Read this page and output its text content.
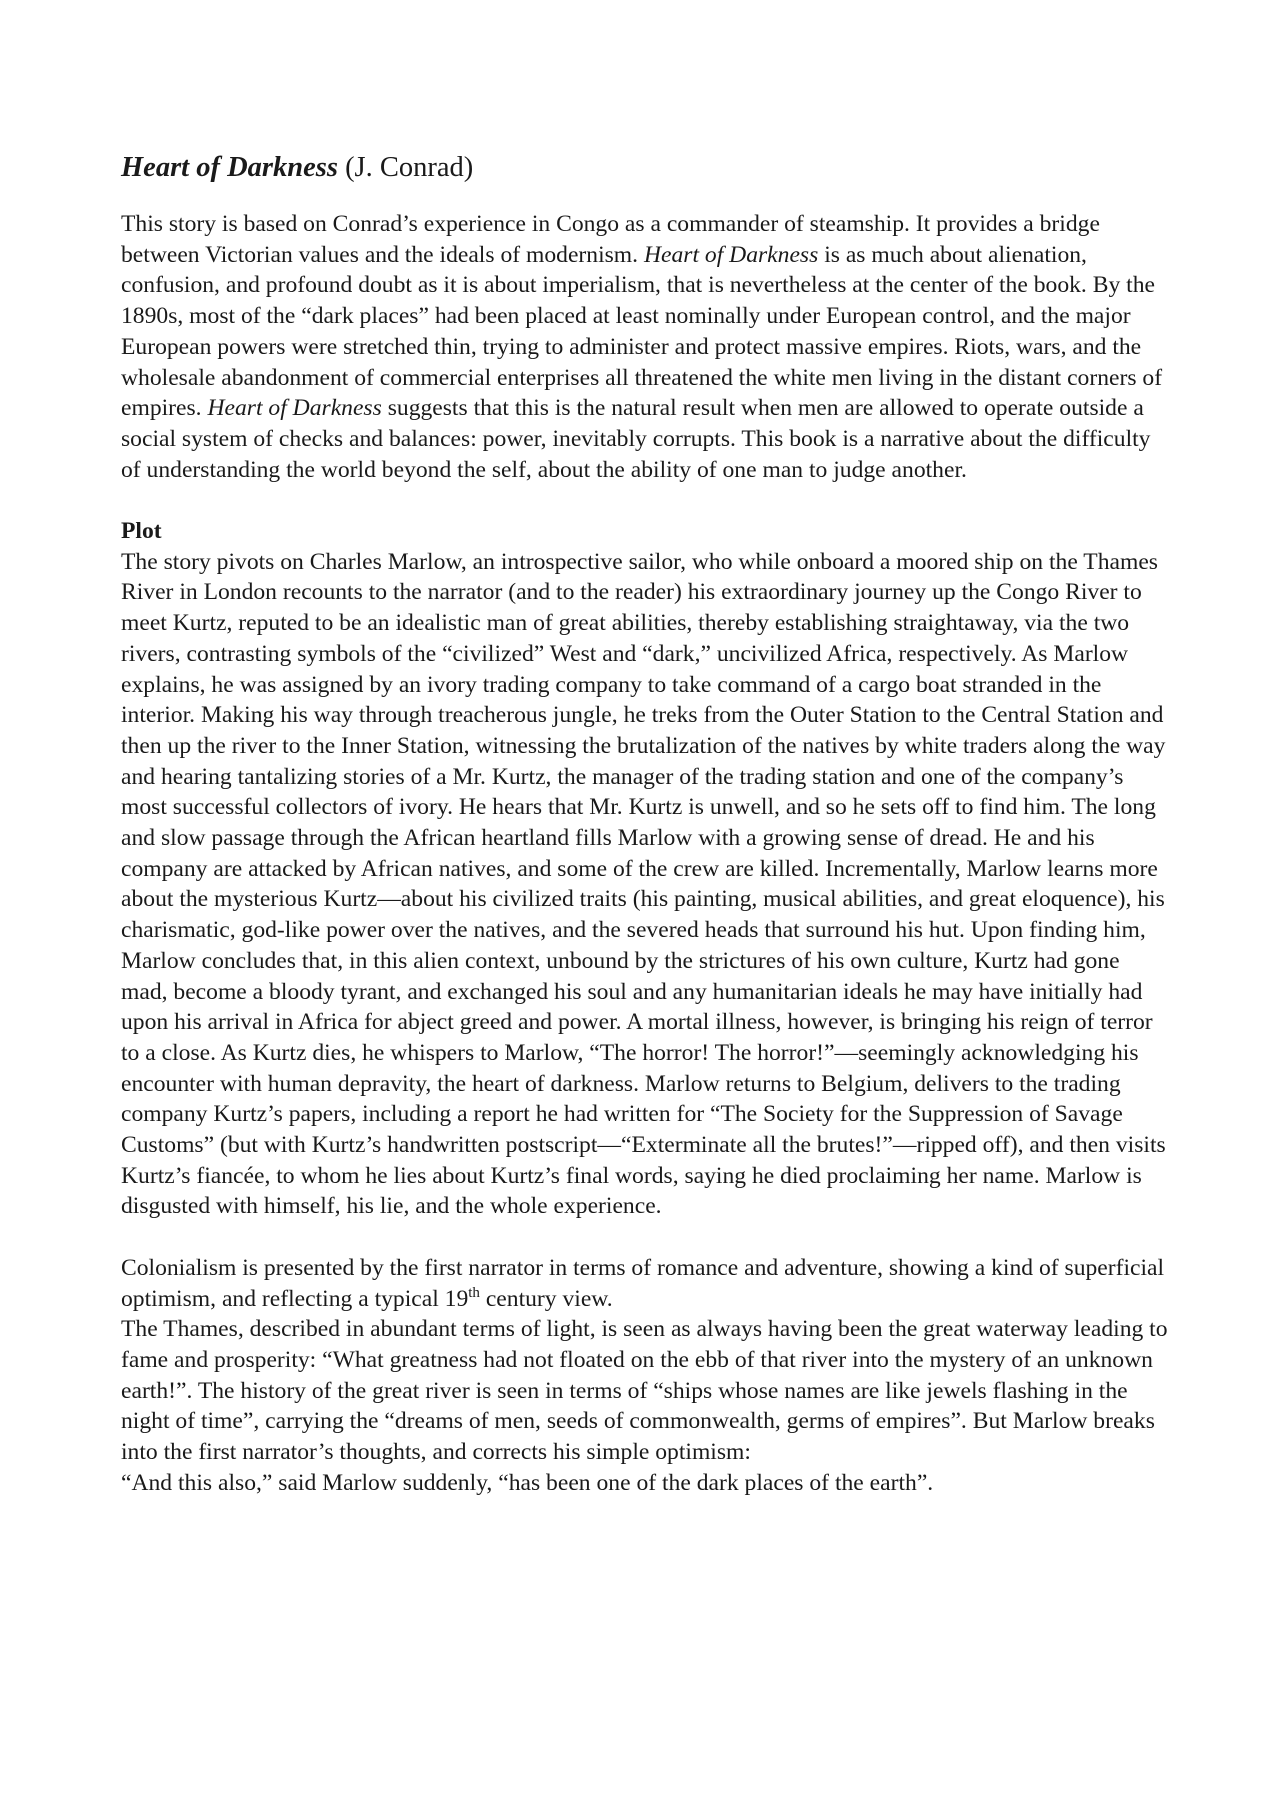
Heart of Darkness (J. Conrad)

This story is based on Conrad’s experience in Congo as a commander of steamship. It provides a bridge between Victorian values and the ideals of modernism. Heart of Darkness is as much about alienation, confusion, and profound doubt as it is about imperialism, that is nevertheless at the center of the book. By the 1890s, most of the “dark places” had been placed at least nominally under European control, and the major European powers were stretched thin, trying to administer and protect massive empires. Riots, wars, and the wholesale abandonment of commercial enterprises all threatened the white men living in the distant corners of empires. Heart of Darkness suggests that this is the natural result when men are allowed to operate outside a social system of checks and balances: power, inevitably corrupts. This book is a narrative about the difficulty of understanding the world beyond the self, about the ability of one man to judge another.

Plot

The story pivots on Charles Marlow, an introspective sailor, who while onboard a moored ship on the Thames River in London recounts to the narrator (and to the reader) his extraordinary journey up the Congo River to meet Kurtz, reputed to be an idealistic man of great abilities, thereby establishing straightaway, via the two rivers, contrasting symbols of the “civilized” West and “dark,” uncivilized Africa, respectively. As Marlow explains, he was assigned by an ivory trading company to take command of a cargo boat stranded in the interior. Making his way through treacherous jungle, he treks from the Outer Station to the Central Station and then up the river to the Inner Station, witnessing the brutalization of the natives by white traders along the way and hearing tantalizing stories of a Mr. Kurtz, the manager of the trading station and one of the company’s most successful collectors of ivory. He hears that Mr. Kurtz is unwell, and so he sets off to find him. The long and slow passage through the African heartland fills Marlow with a growing sense of dread. He and his company are attacked by African natives, and some of the crew are killed. Incrementally, Marlow learns more about the mysterious Kurtz—about his civilized traits (his painting, musical abilities, and great eloquence), his charismatic, god-like power over the natives, and the severed heads that surround his hut. Upon finding him, Marlow concludes that, in this alien context, unbound by the strictures of his own culture, Kurtz had gone mad, become a bloody tyrant, and exchanged his soul and any humanitarian ideals he may have initially had upon his arrival in Africa for abject greed and power. A mortal illness, however, is bringing his reign of terror to a close. As Kurtz dies, he whispers to Marlow, “The horror! The horror!”—seemingly acknowledging his encounter with human depravity, the heart of darkness. Marlow returns to Belgium, delivers to the trading company Kurtz’s papers, including a report he had written for “The Society for the Suppression of Savage Customs” (but with Kurtz’s handwritten postscript—“Exterminate all the brutes!”—ripped off), and then visits Kurtz’s fiancée, to whom he lies about Kurtz’s final words, saying he died proclaiming her name. Marlow is disgusted with himself, his lie, and the whole experience.

Colonialism is presented by the first narrator in terms of romance and adventure, showing a kind of superficial optimism, and reflecting a typical 19th century view.

The Thames, described in abundant terms of light, is seen as always having been the great waterway leading to fame and prosperity: “What greatness had not floated on the ebb of that river into the mystery of an unknown earth!”. The history of the great river is seen in terms of “ships whose names are like jewels flashing in the night of time”, carrying the “dreams of men, seeds of commonwealth, germs of empires”. But Marlow breaks into the first narrator’s thoughts, and corrects his simple optimism:

“And this also,” said Marlow suddenly, “has been one of the dark places of the earth”.
